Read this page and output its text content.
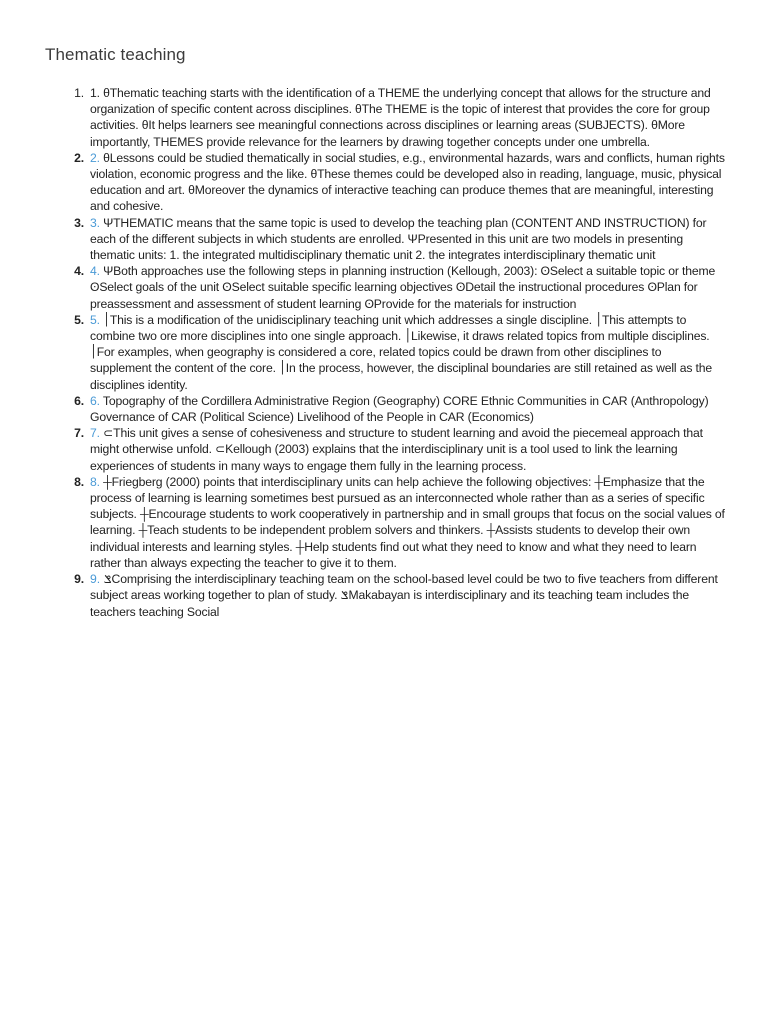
Thematic teaching
1. 1. θThematic teaching starts with the identification of a THEME the underlying concept that allows for the structure and organization of specific content across disciplines. θThe THEME is the topic of interest that provides the core for group activities. θIt helps learners see meaningful connections across disciplines or learning areas (SUBJECTS). θMore importantly, THEMES provide relevance for the learners by drawing together concepts under one umbrella.
2. 2. θLessons could be studied thematically in social studies, e.g., environmental hazards, wars and conflicts, human rights violation, economic progress and the like. θThese themes could be developed also in reading, language, music, physical education and art. θMoreover the dynamics of interactive teaching can produce themes that are meaningful, interesting and cohesive.
3. 3. ΨTHEMATIC means that the same topic is used to develop the teaching plan (CONTENT AND INSTRUCTION) for each of the different subjects in which students are enrolled. ΨPresented in this unit are two models in presenting thematic units: 1. the integrated multidisciplinary thematic unit 2. the integrates interdisciplinary thematic unit
4. 4. ΨBoth approaches use the following steps in planning instruction (Kellough, 2003): ʘSelect a suitable topic or theme ʘSelect goals of the unit ʘSelect suitable specific learning objectives ʘDetail the instructional procedures ʘPlan for preassessment and assessment of student learning ʘProvide for the materials for instruction
5. 5. ׀This is a modification of the unidisciplinary teaching unit which addresses a single discipline. ׀This attempts to combine two ore more disciplines into one single approach. ׀Likewise, it draws related topics from multiple disciplines. ׀For examples, when geography is considered a core, related topics could be drawn from other disciplines to supplement the content of the core. ׀In the process, however, the disciplinal boundaries are still retained as well as the disciplines identity.
6. 6. Topography of the Cordillera Administrative Region (Geography) CORE Ethnic Communities in CAR (Anthropology) Governance of CAR (Political Science) Livelihood of the People in CAR (Economics)
7. 7. ⊂This unit gives a sense of cohesiveness and structure to student learning and avoid the piecemeal approach that might otherwise unfold. ⊂Kellough (2003) explains that the interdisciplinary unit is a tool used to link the learning experiences of students in many ways to engage them fully in the learning process.
8. 8. ┼Friegberg (2000) points that interdisciplinary units can help achieve the following objectives: ┼Emphasize that the process of learning is learning sometimes best pursued as an interconnected whole rather than as a series of specific subjects. ┼Encourage students to work cooperatively in partnership and in small groups that focus on the social values of learning. ┼Teach students to be independent problem solvers and thinkers. ┼Assists students to develop their own individual interests and learning styles. ┼Help students find out what they need to know and what they need to learn rather than always expecting the teacher to give it to them.
9. 9. ݏComprising the interdisciplinary teaching team on the school-based level could be two to five teachers from different subject areas working together to plan of study. ݏMakabayan is interdisciplinary and its teaching team includes the teachers teaching Social
